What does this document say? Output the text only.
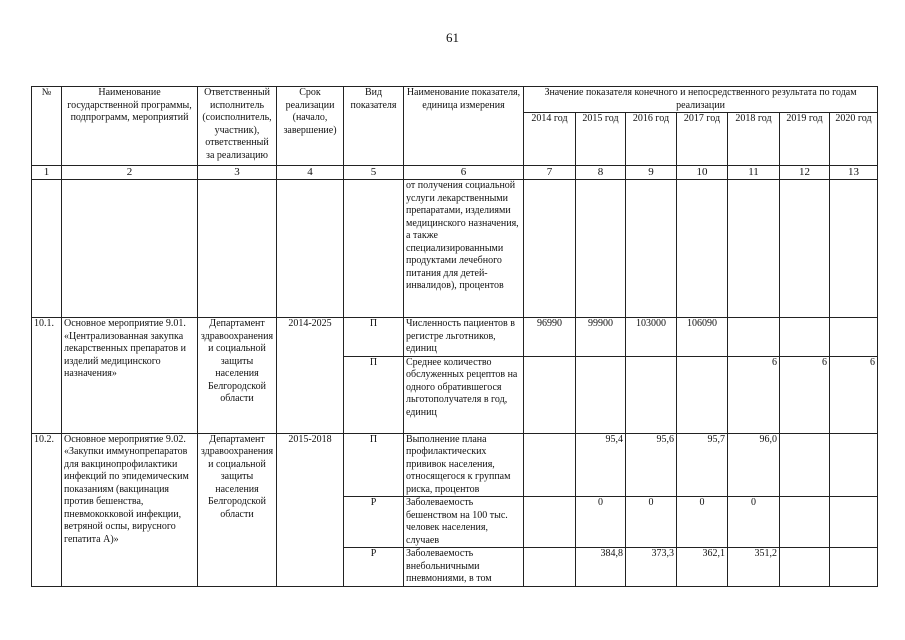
61
№	Наименование государственной программы, подпрограмм, мероприятий	Ответственный исполнитель (соисполнитель, участник), ответственный за реализацию	Срок реализации (начало, завершение)	Вид показателя	Наименование показателя, единица измерения	Значение показателя конечного и непосредственного результата по годам реализации						
						2014 год	2015 год	2016 год	2017 год	2018 год	2019 год	2020 год
1	2	3	4	5	6	7	8	9	10	11	12	13
					от получения социальной услуги лекарственными препаратами, изделиями медицинского назначения, а также специализированными продуктами лечебного питания для детей-инвалидов), процентов							
10.1.	Основное мероприятие 9.01. «Централизованная закупка лекарственных препаратов и изделий медицинского назначения»	Департамент здравоохранения и социальной защиты населения Белгородской области	2014-2025	П	Численность пациентов в регистре льготников, единиц	96990	99900	103000	106090			
				П	Среднее количество обслуженных рецептов на одного обратившегося льготополучателя в год, единиц					6	6	6
10.2.	Основное мероприятие 9.02. «Закупки иммунопрепаратов для вакцинопрофилактики инфекций по эпидемическим показаниям (вакцинация против бешенства, пневмококковой инфекции, ветряной оспы, вирусного гепатита А)»	Департамент здравоохранения и социальной защиты населения Белгородской области	2015-2018	П	Выполнение плана профилактических прививок населения, относящегося к группам риска, процентов		95,4	95,6	95,7	96,0		
				Р	Заболеваемость бешенством на 100 тыс. человек населения, случаев		0	0	0	0		
				Р	Заболеваемость внебольничными пневмониями, в том		384,8	373,3	362,1	351,2		
